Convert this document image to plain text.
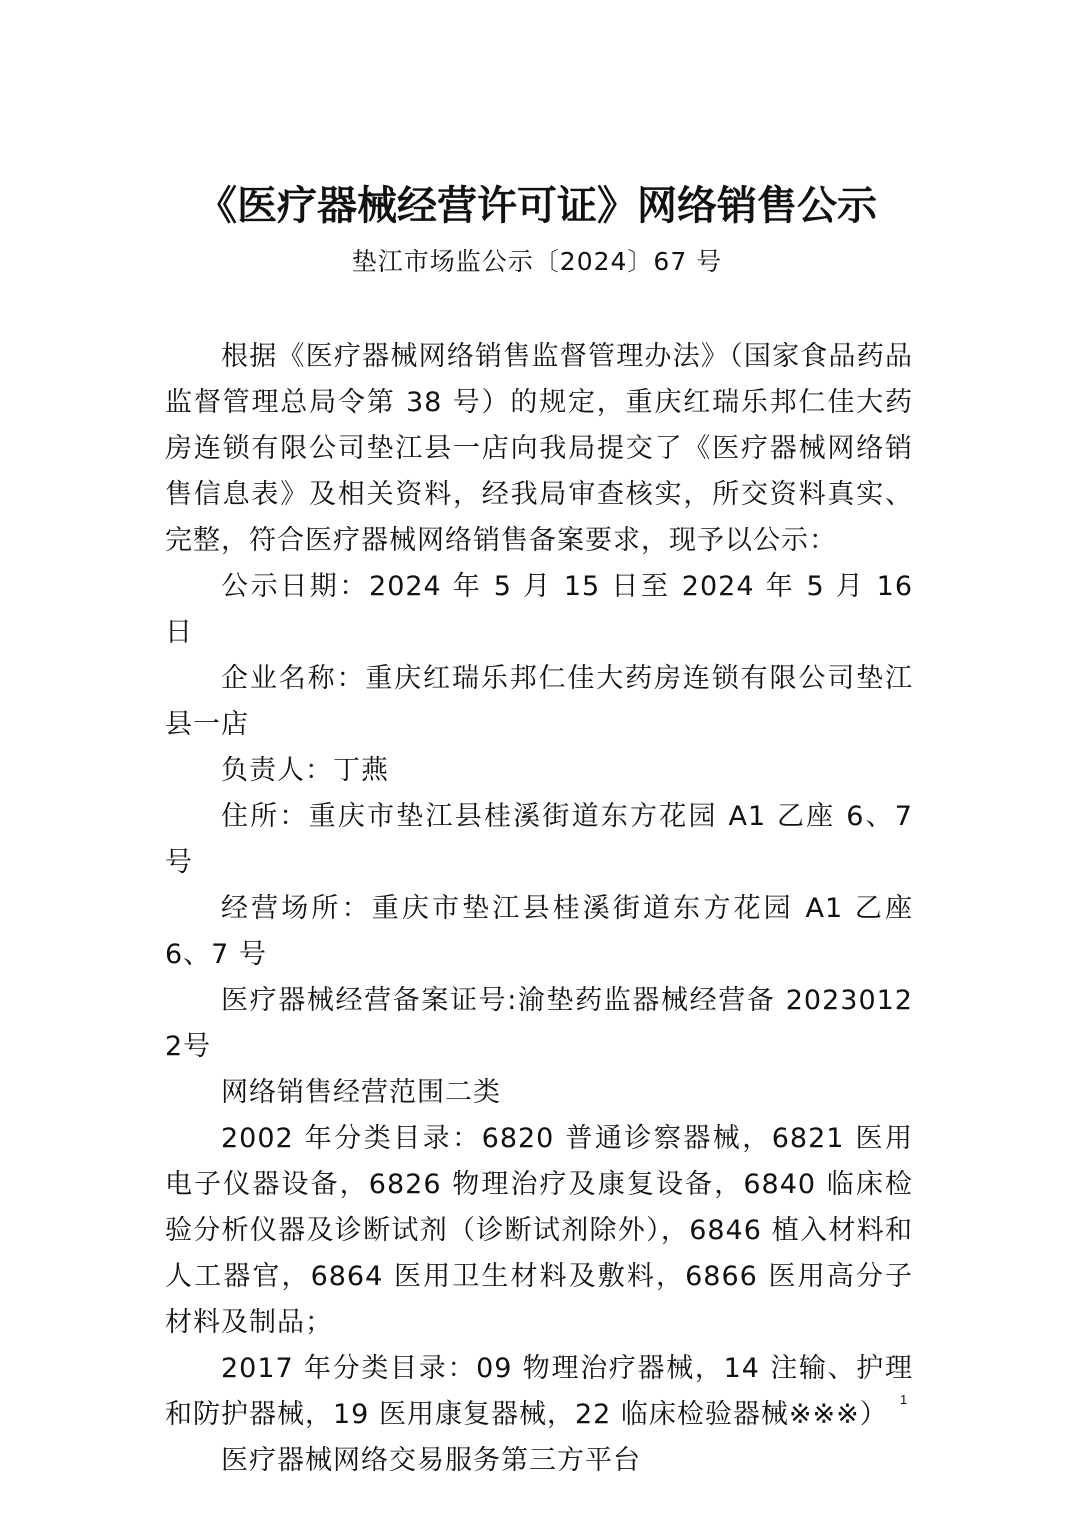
《医疗器械经营许可证》网络销售公示
垫江市场监公示〔2024〕67 号

根据《医疗器械网络销售监督管理办法》（国家食品药品监督管理总局令第 38 号）的规定，重庆红瑞乐邦仁佳大药房连锁有限公司垫江县一店向我局提交了《医疗器械网络销售信息表》及相关资料，经我局审查核实，所交资料真实、完整，符合医疗器械网络销售备案要求，现予以公示：

公示日期：2024 年 5 月 15 日至 2024 年 5 月 16 日

企业名称：重庆红瑞乐邦仁佳大药房连锁有限公司垫江县一店

负责人：丁燕

住所：重庆市垫江县桂溪街道东方花园 A1 乙座 6、7 号

经营场所：重庆市垫江县桂溪街道东方花园 A1 乙座 6、7 号

医疗器械经营备案证号:渝垫药监器械经营备 20230122号

网络销售经营范围二类

2002 年分类目录：6820 普通诊察器械，6821 医用电子仪器设备，6826 物理治疗及康复设备，6840 临床检验分析仪器及诊断试剂（诊断试剂除外），6846 植入材料和人工器官，6864 医用卫生材料及敷料，6866 医用高分子材料及制品；

2017 年分类目录：09 物理治疗器械，14 注输、护理和防护器械，19 医用康复器械，22 临床检验器械※※※）

医疗器械网络交易服务第三方平台

1
